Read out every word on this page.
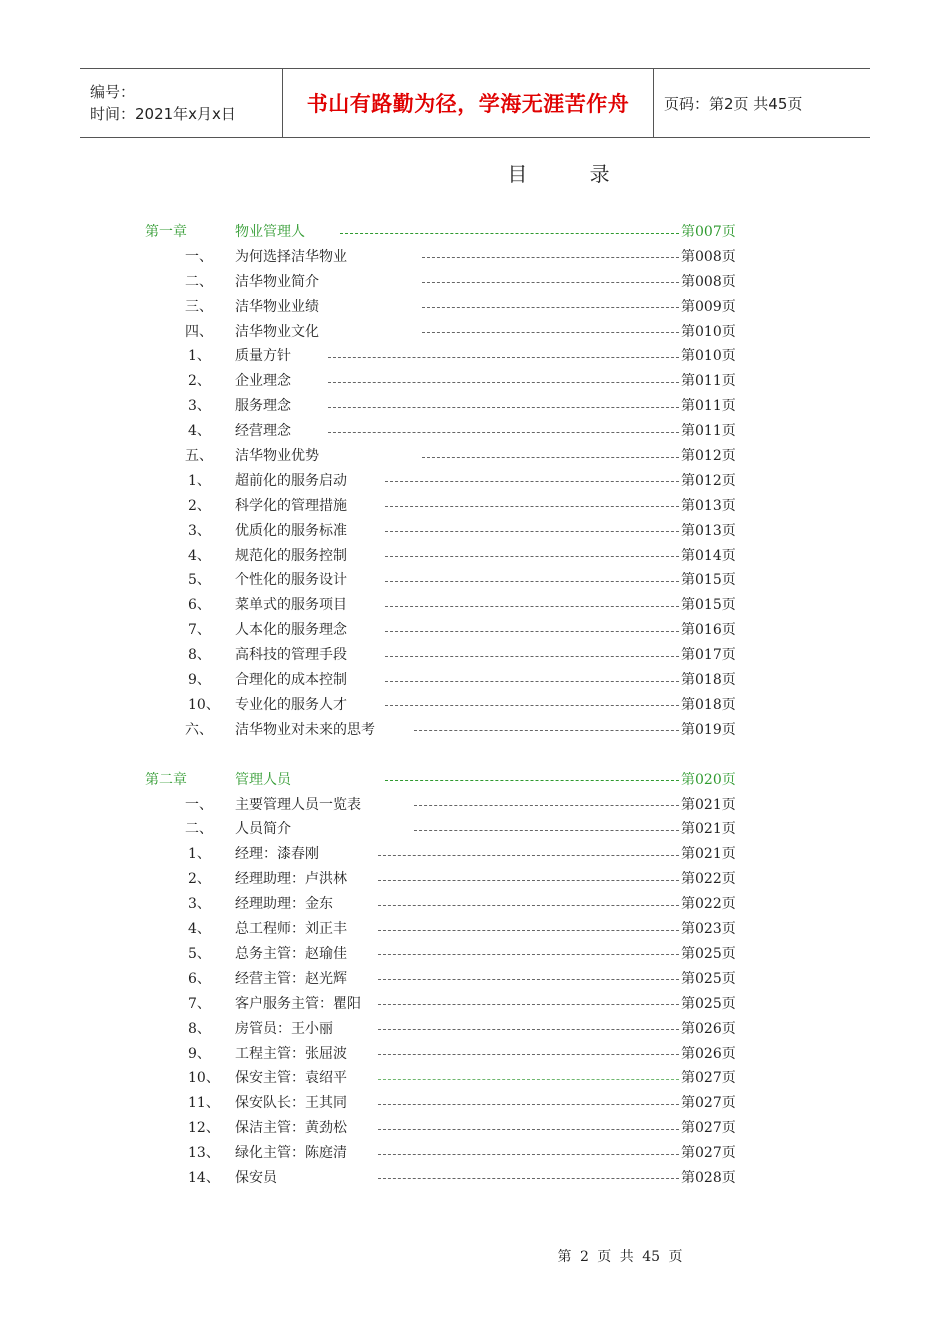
编号：
时间：2021年x月x日	书山有路勤为径，学海无涯苦作舟 页码：第2页 共45页
目 录
第一章	物业管理人	第007页
一、 为何选择洁华物业	第008页
二、 洁华物业简介	第008页
三、 洁华物业业绩	第009页
四、 洁华物业文化	第010页
1、 质量方针	第010页
2、 企业理念	第011页
3、 服务理念	第011页
4、 经营理念	第011页
五、 洁华物业优势	第012页
1、 超前化的服务启动	第012页
2、 科学化的管理措施	第013页
3、 优质化的服务标准	第013页
4、 规范化的服务控制	第014页
5、 个性化的服务设计	第015页
6、 菜单式的服务项目	第015页
7、 人本化的服务理念	第016页
8、 高科技的管理手段	第017页
9、 合理化的成本控制	第018页
10、 专业化的服务人才	第018页
六、 洁华物业对未来的思考	第019页
第二章	管理人员	第020页
一、 主要管理人员一览表	第021页
二、 人员简介	第021页
1、 经理：漆春刚	第021页
2、 经理助理：卢洪林	第022页
3、 经理助理：金东	第022页
4、 总工程师：刘正丰	第023页
5、 总务主管：赵瑜佳	第025页
6、 经营主管：赵光辉	第025页
7、 客户服务主管：瞿阳	第025页
8、 房管员：王小丽	第026页
9、 工程主管：张屈波	第026页
10、 保安主管：袁绍平	第027页
11、 保安队长：王其同	第027页
12、 保洁主管：黄劲松	第027页
13、 绿化主管：陈庭清	第027页
14、 保安员	第028页
第 2 页 共 45 页
